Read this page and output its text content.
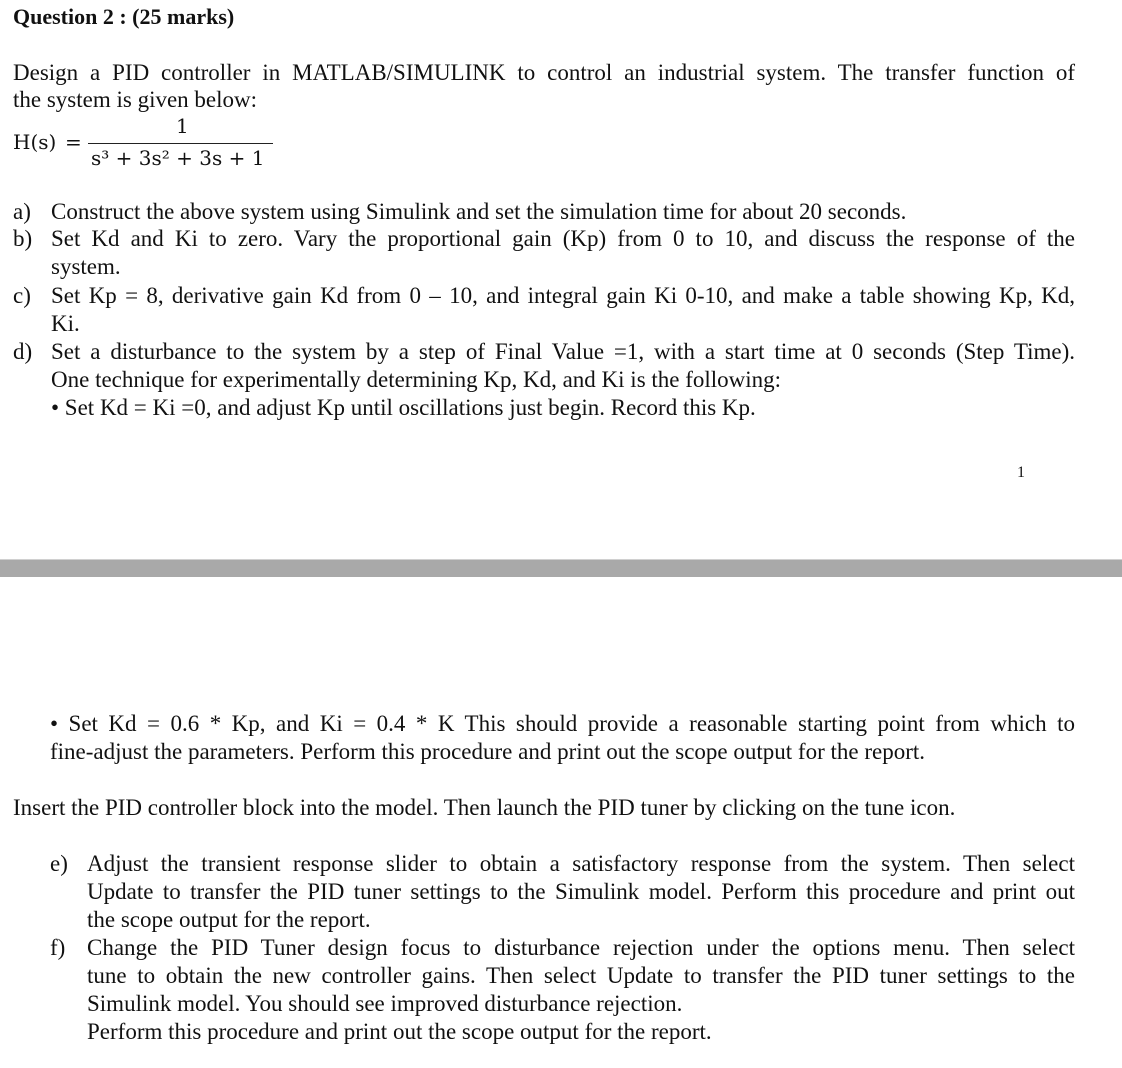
Question 2 : (25 marks)
Design a PID controller in MATLAB/SIMULINK to control an industrial system. The transfer function of
the system is given below:
H(s) =
1
s³ + 3s² + 3s + 1
a) Construct the above system using Simulink and set the simulation time for about 20 seconds.
b) Set Kd and Ki to zero. Vary the proportional gain (Kp) from 0 to 10, and discuss the response of the
system.
c) Set Kp = 8, derivative gain Kd from 0 – 10, and integral gain Ki 0-10, and make a table showing Kp, Kd,
Ki.
d) Set a disturbance to the system by a step of Final Value =1, with a start time at 0 seconds (Step Time).
One technique for experimentally determining Kp, Kd, and Ki is the following:
• Set Kd = Ki =0, and adjust Kp until oscillations just begin. Record this Kp.
1
• Set Kd = 0.6 * Kp, and Ki = 0.4 * K This should provide a reasonable starting point from which to
fine-adjust the parameters. Perform this procedure and print out the scope output for the report.
Insert the PID controller block into the model. Then launch the PID tuner by clicking on the tune icon.
e) Adjust the transient response slider to obtain a satisfactory response from the system. Then select
Update to transfer the PID tuner settings to the Simulink model. Perform this procedure and print out
the scope output for the report.
f) Change the PID Tuner design focus to disturbance rejection under the options menu. Then select
tune to obtain the new controller gains. Then select Update to transfer the PID tuner settings to the
Simulink model. You should see improved disturbance rejection.
Perform this procedure and print out the scope output for the report.
